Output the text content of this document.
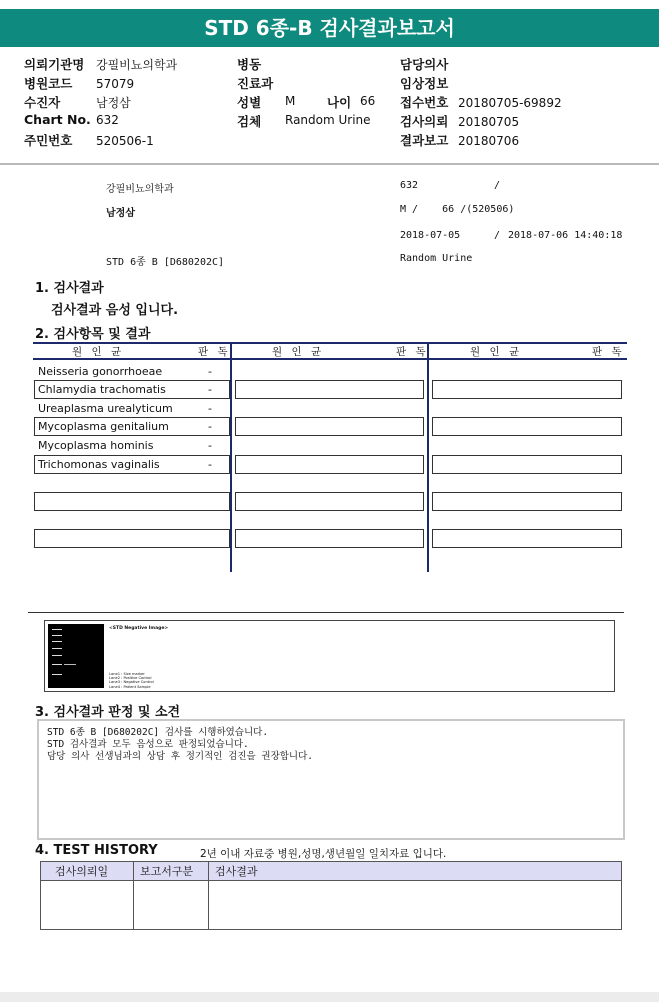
STD 6종-B 검사결과보고서
의뢰기관명 강필비뇨의학과
병원코드 57079
수진자	남정삼
Chart No. 632
주민번호 520506-1
병동
진료과
성별 M	나이 66
검체 Random Urine
담당의사
임상정보
접수번호 20180705-69892
검사의뢰 20180705
결과보고 20180706
강필비뇨의학과	632	/
남정삼	M /    66 /(520506)
2018-07-05	/ 2018-07-06 14:40:18
STD 6종 B [D680202C]	Random Urine
1. 검사결과
검사결과 음성 입니다.
2. 검사항목 및 결과
원 인 균	판 독	원 인 균	판 독	원 인 균	판 독
Neisseria gonorrhoeae	-
Chlamydia trachomatis	-
Ureaplasma urealyticum	-
Mycoplasma genitalium	-
Mycoplasma hominis	-
Trichomonas vaginalis	-
<STD Negative Image>
Lane1 : Size marker
Lane2 : Positive Control
Lane3 : Negative Control
Lane4 : Patient Sample
3. 검사결과 판정 및 소견
STD 6종 B [D680202C] 검사를 시행하였습니다.
STD 검사결과 모두 음성으로 판정되었습니다.
담당 의사 선생님과의 상담 후 정기적인 검진을 권장합니다.
4. TEST HISTORY	2년 이내 자료중 병원,성명,생년월일 일치자료 입니다.
검사의뢰일	보고서구분	검사결과
